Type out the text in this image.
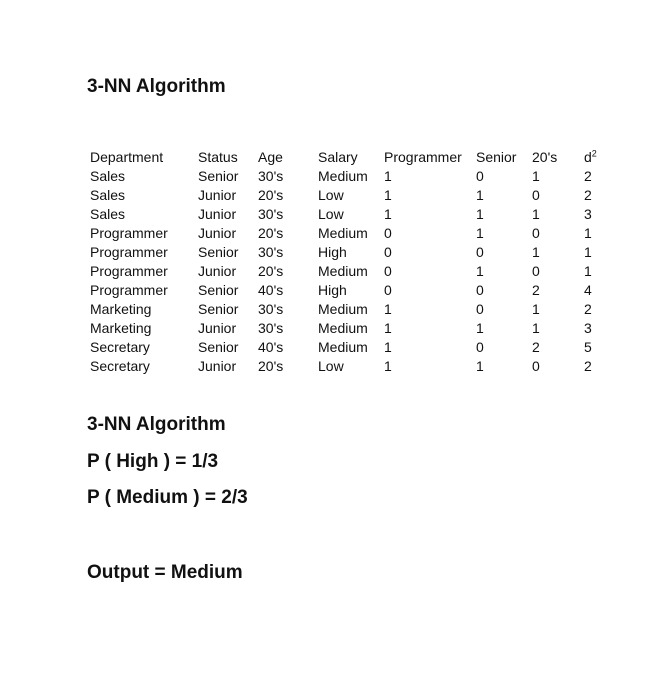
3-NN Algorithm
Department	Status	Age	Salary	Programmer	Senior	20's	$d^2$
Sales	Senior	30's	Medium	1	0	1	2
Sales	Junior	20's	Low	1	1	0	2
Sales	Junior	30's	Low	1	1	1	3
Programmer	Junior	20's	Medium	0	1	0	1
Programmer	Senior	30's	High	0	0	1	1
Programmer	Junior	20's	Medium	0	1	0	1
Programmer	Senior	40's	High	0	0	2	4
Marketing	Senior	30's	Medium	1	0	1	2
Marketing	Junior	30's	Medium	1	1	1	3
Secretary	Senior	40's	Medium	1	0	2	5
Secretary	Junior	20's	Low	1	1	0	2
3-NN Algorithm
P ( High ) = 1/3
P ( Medium ) = 2/3
Output = Medium
